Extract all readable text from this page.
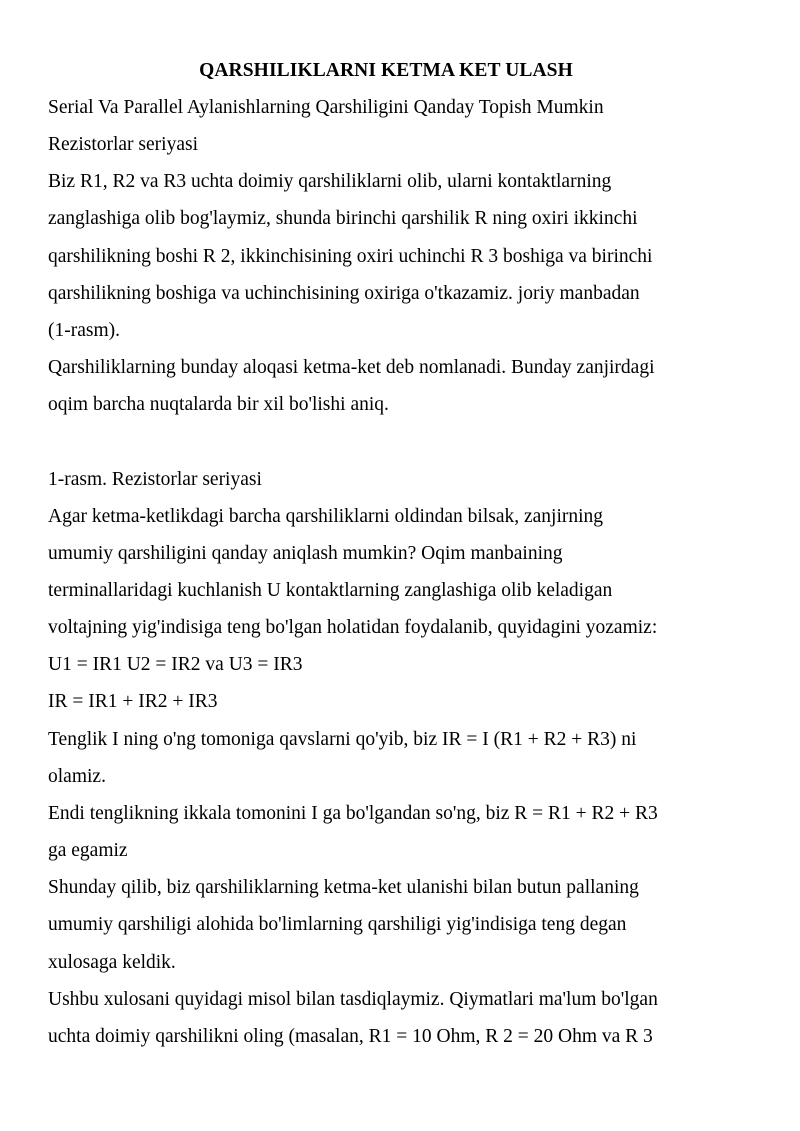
QARSHILIKLARNI KETMA KET ULASH

Serial Va Parallel Aylanishlarning Qarshiligini Qanday Topish Mumkin

Rezistorlar seriyasi

Biz R1, R2 va R3 uchta doimiy qarshiliklarni olib, ularni kontaktlarning

zanglashiga olib bog'laymiz, shunda birinchi qarshilik R ning oxiri ikkinchi

qarshilikning boshi R 2, ikkinchisining oxiri uchinchi R 3 boshiga va birinchi

qarshilikning boshiga va uchinchisining oxiriga o'tkazamiz. joriy manbadan

(1-rasm).

Qarshiliklarning bunday aloqasi ketma-ket deb nomlanadi. Bunday zanjirdagi

oqim barcha nuqtalarda bir xil bo'lishi aniq.

1-rasm. Rezistorlar seriyasi

Agar ketma-ketlikdagi barcha qarshiliklarni oldindan bilsak, zanjirning

umumiy qarshiligini qanday aniqlash mumkin? Oqim manbaining

terminallaridagi kuchlanish U kontaktlarning zanglashiga olib keladigan

voltajning yig'indisiga teng bo'lgan holatidan foydalanib, quyidagini yozamiz:

U1 = IR1 U2 = IR2 va U3 = IR3

IR = IR1 + IR2 + IR3

Tenglik I ning o'ng tomoniga qavslarni qo'yib, biz IR = I (R1 + R2 + R3) ni

olamiz.

Endi tenglikning ikkala tomonini I ga bo'lgandan so'ng, biz R = R1 + R2 + R3

ga egamiz

Shunday qilib, biz qarshiliklarning ketma-ket ulanishi bilan butun pallaning

umumiy qarshiligi alohida bo'limlarning qarshiligi yig'indisiga teng degan

xulosaga keldik.

Ushbu xulosani quyidagi misol bilan tasdiqlaymiz. Qiymatlari ma'lum bo'lgan

uchta doimiy qarshilikni oling (masalan, R1 = 10 Ohm, R 2 = 20 Ohm va R 3
